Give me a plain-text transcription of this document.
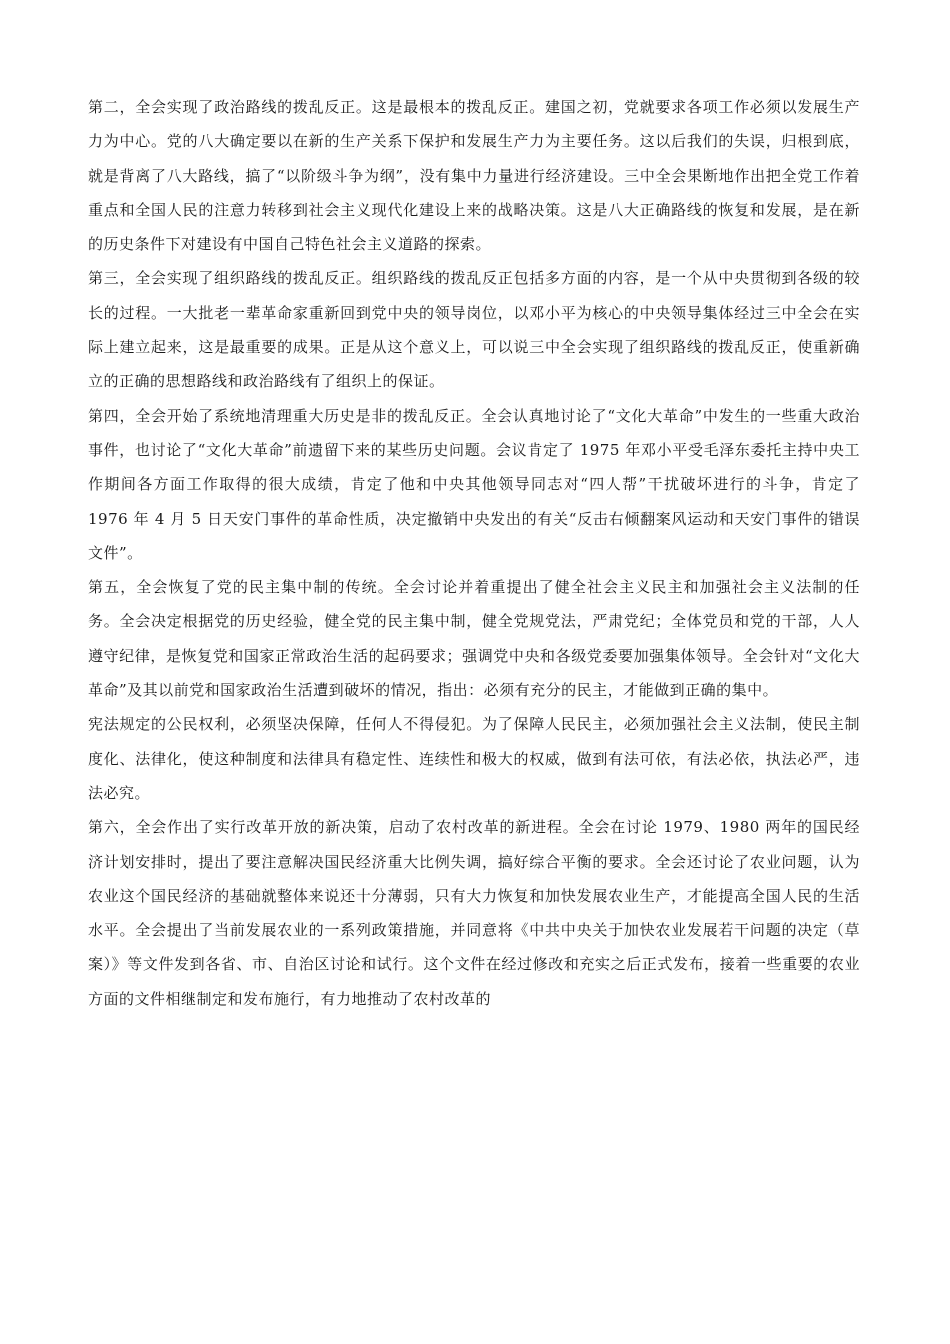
第二，全会实现了政治路线的拨乱反正。这是最根本的拨乱反正。建国之初，党就要求各项工作必须以发展生产力为中心。党的八大确定要以在新的生产关系下保护和发展生产力为主要任务。这以后我们的失误，归根到底，就是背离了八大路线，搞了“以阶级斗争为纲”，没有集中力量进行经济建设。三中全会果断地作出把全党工作着重点和全国人民的注意力转移到社会主义现代化建设上来的战略决策。这是八大正确路线的恢复和发展，是在新的历史条件下对建设有中国自己特色社会主义道路的探索。

第三，全会实现了组织路线的拨乱反正。组织路线的拨乱反正包括多方面的内容，是一个从中央贯彻到各级的较长的过程。一大批老一辈革命家重新回到党中央的领导岗位，以邓小平为核心的中央领导集体经过三中全会在实际上建立起来，这是最重要的成果。正是从这个意义上，可以说三中全会实现了组织路线的拨乱反正，使重新确立的正确的思想路线和政治路线有了组织上的保证。

第四，全会开始了系统地清理重大历史是非的拨乱反正。全会认真地讨论了“文化大革命”中发生的一些重大政治事件，也讨论了“文化大革命”前遗留下来的某些历史问题。会议肯定了 1975 年邓小平受毛泽东委托主持中央工作期间各方面工作取得的很大成绩，肯定了他和中央其他领导同志对“四人帮”干扰破坏进行的斗争，肯定了 1976 年 4 月 5 日天安门事件的革命性质，决定撤销中央发出的有关“反击右倾翻案风运动和天安门事件的错误文件”。

第五，全会恢复了党的民主集中制的传统。全会讨论并着重提出了健全社会主义民主和加强社会主义法制的任务。全会决定根据党的历史经验，健全党的民主集中制，健全党规党法，严肃党纪；全体党员和党的干部，人人遵守纪律，是恢复党和国家正常政治生活的起码要求；强调党中央和各级党委要加强集体领导。全会针对“文化大革命”及其以前党和国家政治生活遭到破坏的情况，指出：必须有充分的民主，才能做到正确的集中。

宪法规定的公民权利，必须坚决保障，任何人不得侵犯。为了保障人民民主，必须加强社会主义法制，使民主制度化、法律化，使这种制度和法律具有稳定性、连续性和极大的权威，做到有法可依，有法必依，执法必严，违法必究。

第六，全会作出了实行改革开放的新决策，启动了农村改革的新进程。全会在讨论 1979、1980 两年的国民经济计划安排时，提出了要注意解决国民经济重大比例失调，搞好综合平衡的要求。全会还讨论了农业问题，认为农业这个国民经济的基础就整体来说还十分薄弱，只有大力恢复和加快发展农业生产，才能提高全国人民的生活水平。全会提出了当前发展农业的一系列政策措施，并同意将《中共中央关于加快农业发展若干问题的决定（草案）》等文件发到各省、市、自治区讨论和试行。这个文件在经过修改和充实之后正式发布，接着一些重要的农业方面的文件相继制定和发布施行，有力地推动了农村改革的
